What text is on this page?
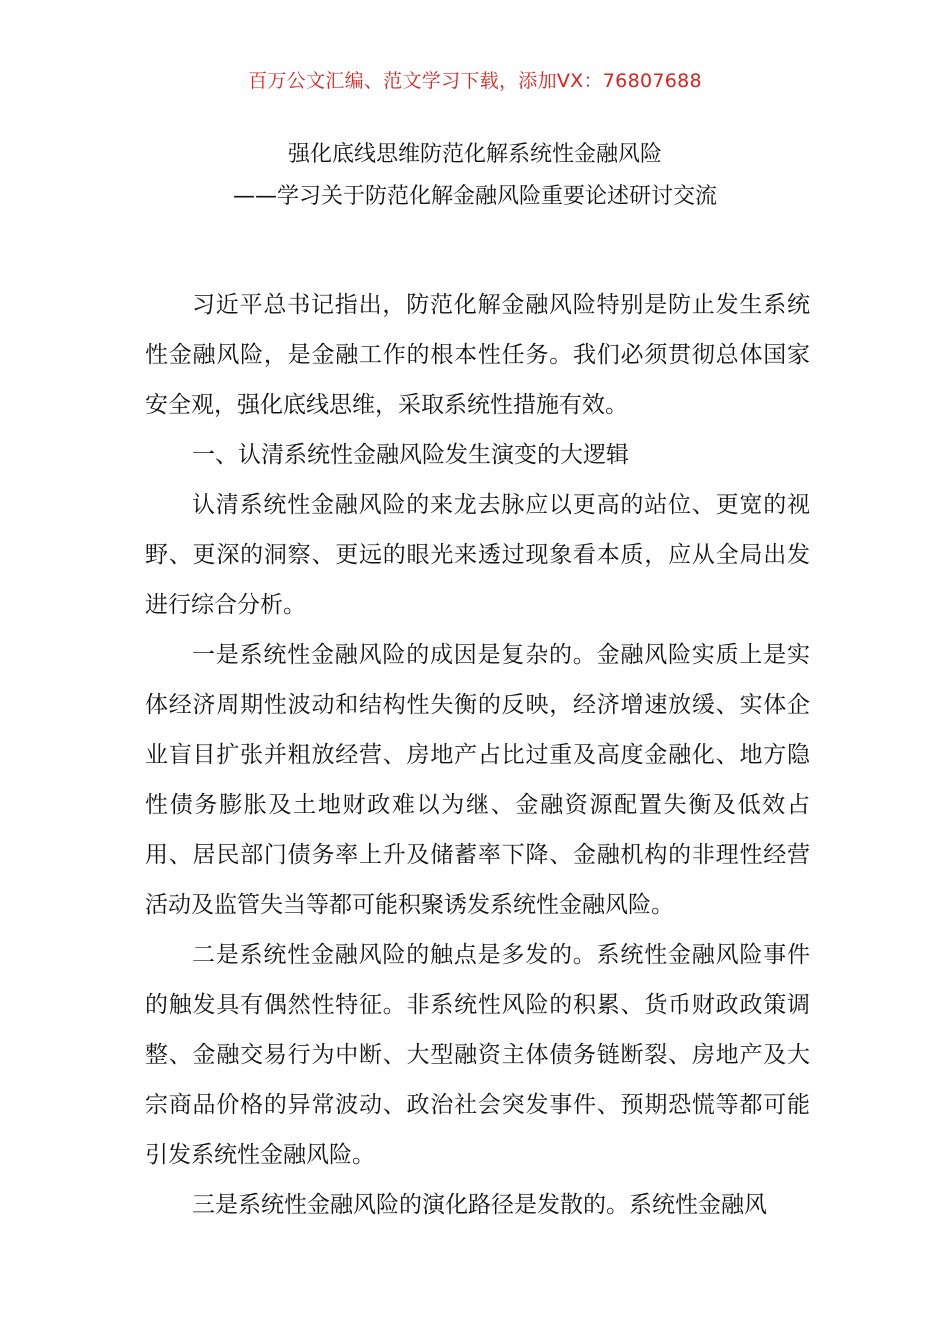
百万公文汇编、范文学习下载，添加VX：76807688
强化底线思维防范化解系统性金融风险
——学习关于防范化解金融风险重要论述研讨交流

习近平总书记指出，防范化解金融风险特别是防止发生系统性金融风险，是金融工作的根本性任务。我们必须贯彻总体国家安全观，强化底线思维，采取系统性措施有效。

一、认清系统性金融风险发生演变的大逻辑

认清系统性金融风险的来龙去脉应以更高的站位、更宽的视野、更深的洞察、更远的眼光来透过现象看本质，应从全局出发进行综合分析。

一是系统性金融风险的成因是复杂的。金融风险实质上是实体经济周期性波动和结构性失衡的反映，经济增速放缓、实体企业盲目扩张并粗放经营、房地产占比过重及高度金融化、地方隐性债务膨胀及土地财政难以为继、金融资源配置失衡及低效占用、居民部门债务率上升及储蓄率下降、金融机构的非理性经营活动及监管失当等都可能积聚诱发系统性金融风险。

二是系统性金融风险的触点是多发的。系统性金融风险事件的触发具有偶然性特征。非系统性风险的积累、货币财政政策调整、金融交易行为中断、大型融资主体债务链断裂、房地产及大宗商品价格的异常波动、政治社会突发事件、预期恐慌等都可能引发系统性金融风险。

三是系统性金融风险的演化路径是发散的。系统性金融风
